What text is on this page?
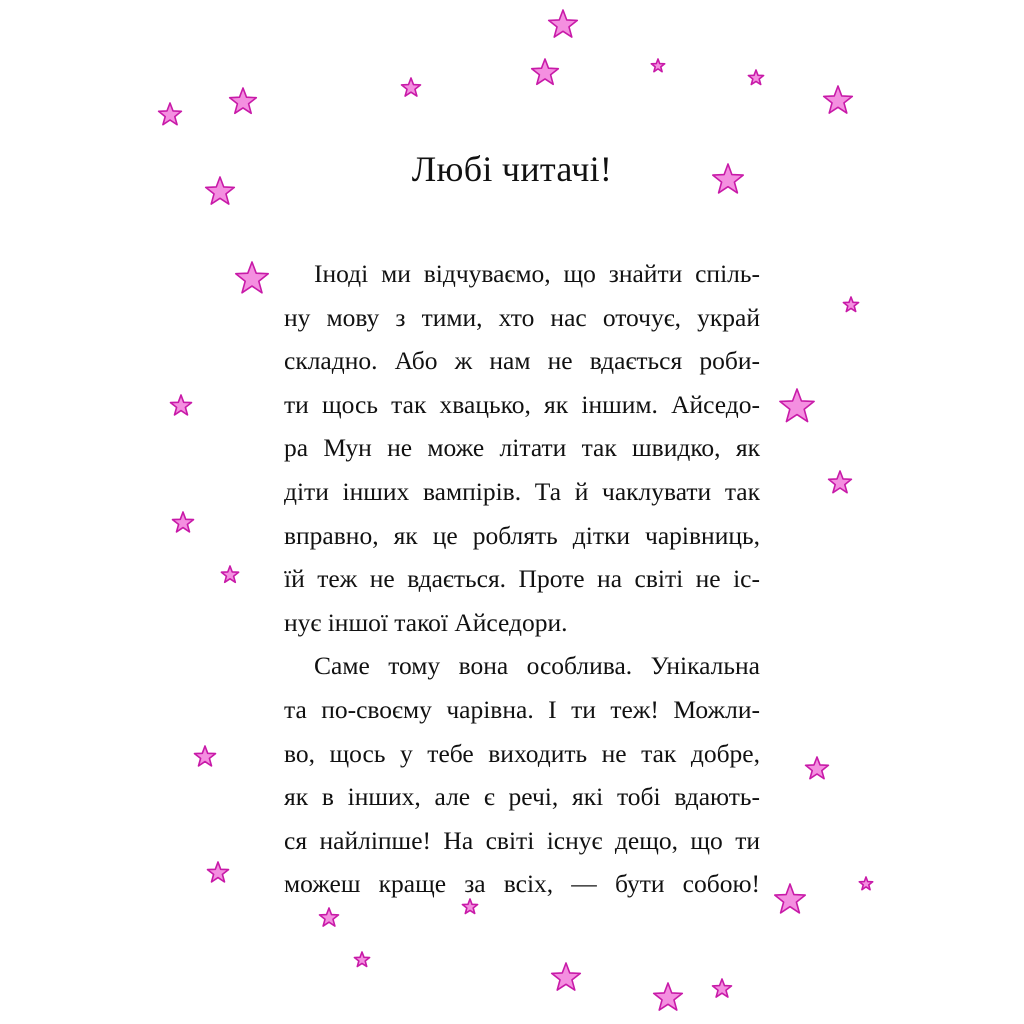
Любі читачі!

Іноді ми відчуваємо, що знайти спіль-
ну мову з тими, хто нас оточує, украй
складно. Або ж нам не вдається роби-
ти щось так хвацько, як іншим. Айседо-
ра Мун не може літати так швидко, як
діти інших вампірів. Та й чаклувати так
вправно, як це роблять дітки чарівниць,
їй теж не вдається. Проте на світі не іс-
нує іншої такої Айседори.

Саме тому вона особлива. Унікальна
та по-своєму чарівна. І ти теж! Можли-
во, щось у тебе виходить не так добре,
як в інших, але є речі, які тобі вдають-
ся найліпше! На світі існує дещо, що ти
можеш краще за всіх, — бути собою!
